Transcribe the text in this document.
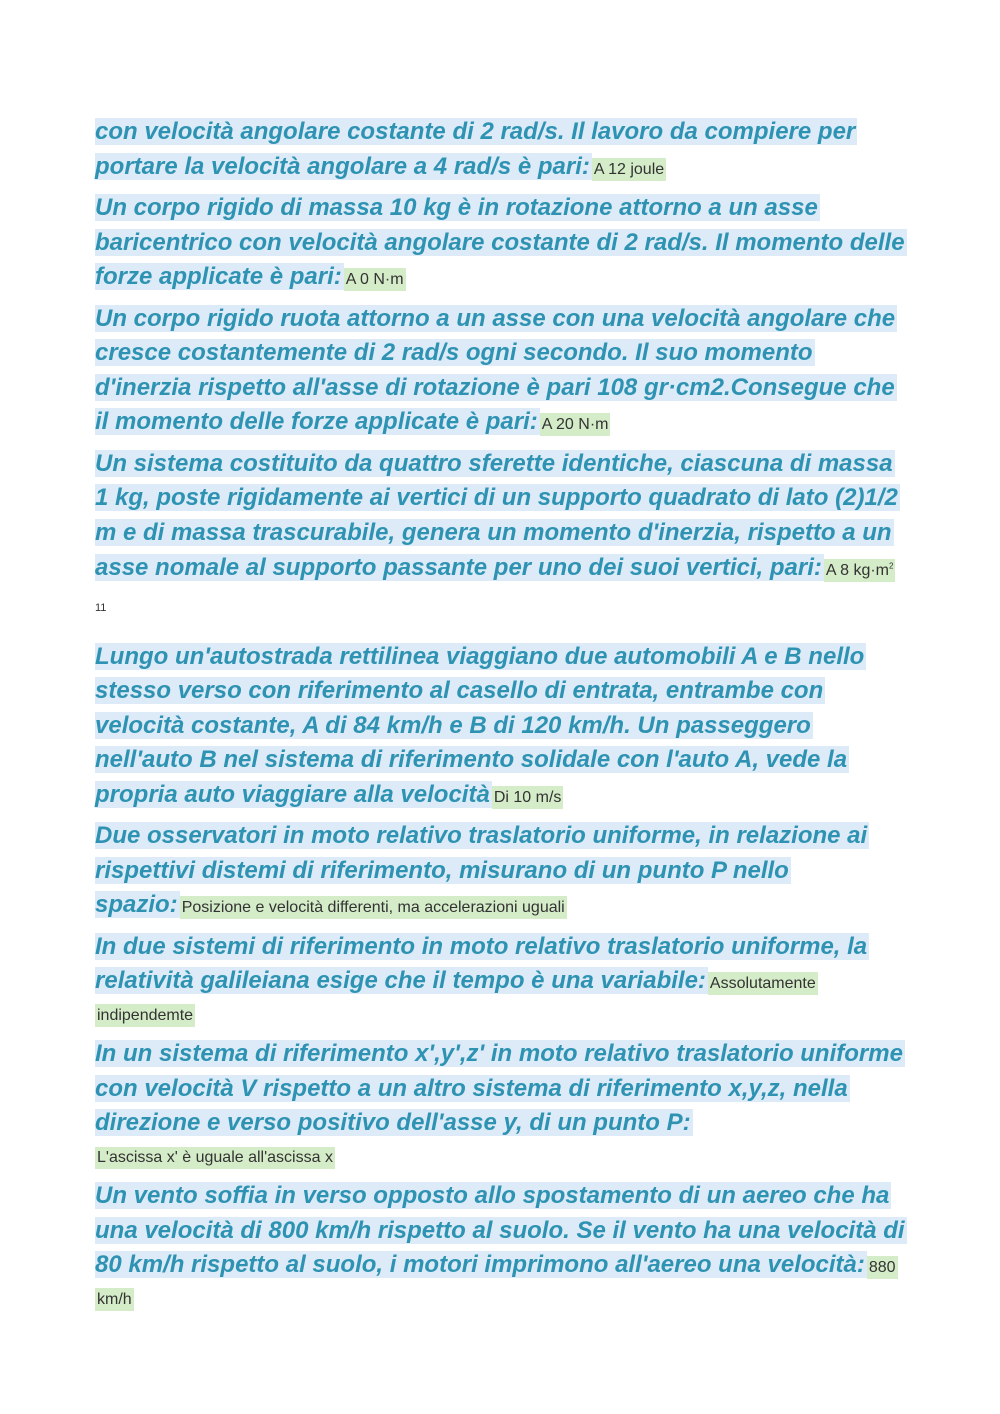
con velocità angolare costante di 2 rad/s. Il lavoro da compiere per portare la velocità angolare a 4 rad/s è pari: A 12 joule

Un corpo rigido di massa 10 kg è in rotazione attorno a un asse baricentrico con velocità angolare costante di 2 rad/s. Il momento delle forze applicate è pari: A 0 N·m

Un corpo rigido ruota attorno a un asse con una velocità angolare che cresce costantemente di 2 rad/s ogni secondo. Il suo momento d'inerzia rispetto all'asse di rotazione è pari 108 gr·cm2.Consegue che il momento delle forze applicate è pari: A 20 N·m

Un sistema costituito da quattro sferette identiche, ciascuna di massa 1 kg, poste rigidamente ai vertici di un supporto quadrato di lato (2)1/2 m e di massa trascurabile, genera un momento d'inerzia, rispetto a un asse nomale al supporto passante per uno dei suoi vertici, pari: A 8 $kg\cdot m^2$

11

Lungo un'autostrada rettilinea viaggiano due automobili A e B nello stesso verso con riferimento al casello di entrata, entrambe con velocità costante, A di 84 km/h e B di 120 km/h. Un passeggero nell'auto B nel sistema di riferimento solidale con l'auto A, vede la propria auto viaggiare alla velocità Di 10 m/s

Due osservatori in moto relativo traslatorio uniforme, in relazione ai rispettivi distemi di riferimento, misurano di un punto P nello spazio: Posizione e velocità differenti, ma accelerazioni uguali

In due sistemi di riferimento in moto relativo traslatorio uniforme, la relatività galileiana esige che il tempo è una variabile: Assolutamente indipendemte

In un sistema di riferimento x',y',z' in moto relativo traslatorio uniforme con velocità V rispetto a un altro sistema di riferimento x,y,z, nella direzione e verso positivo dell'asse y, di un punto P:
L'ascissa x' è uguale all'ascissa x

Un vento soffia in verso opposto allo spostamento di un aereo che ha una velocità di 800 km/h rispetto al suolo. Se il vento ha una velocità di 80 km/h rispetto al suolo, i motori imprimono all'aereo una velocità: 880 km/h
